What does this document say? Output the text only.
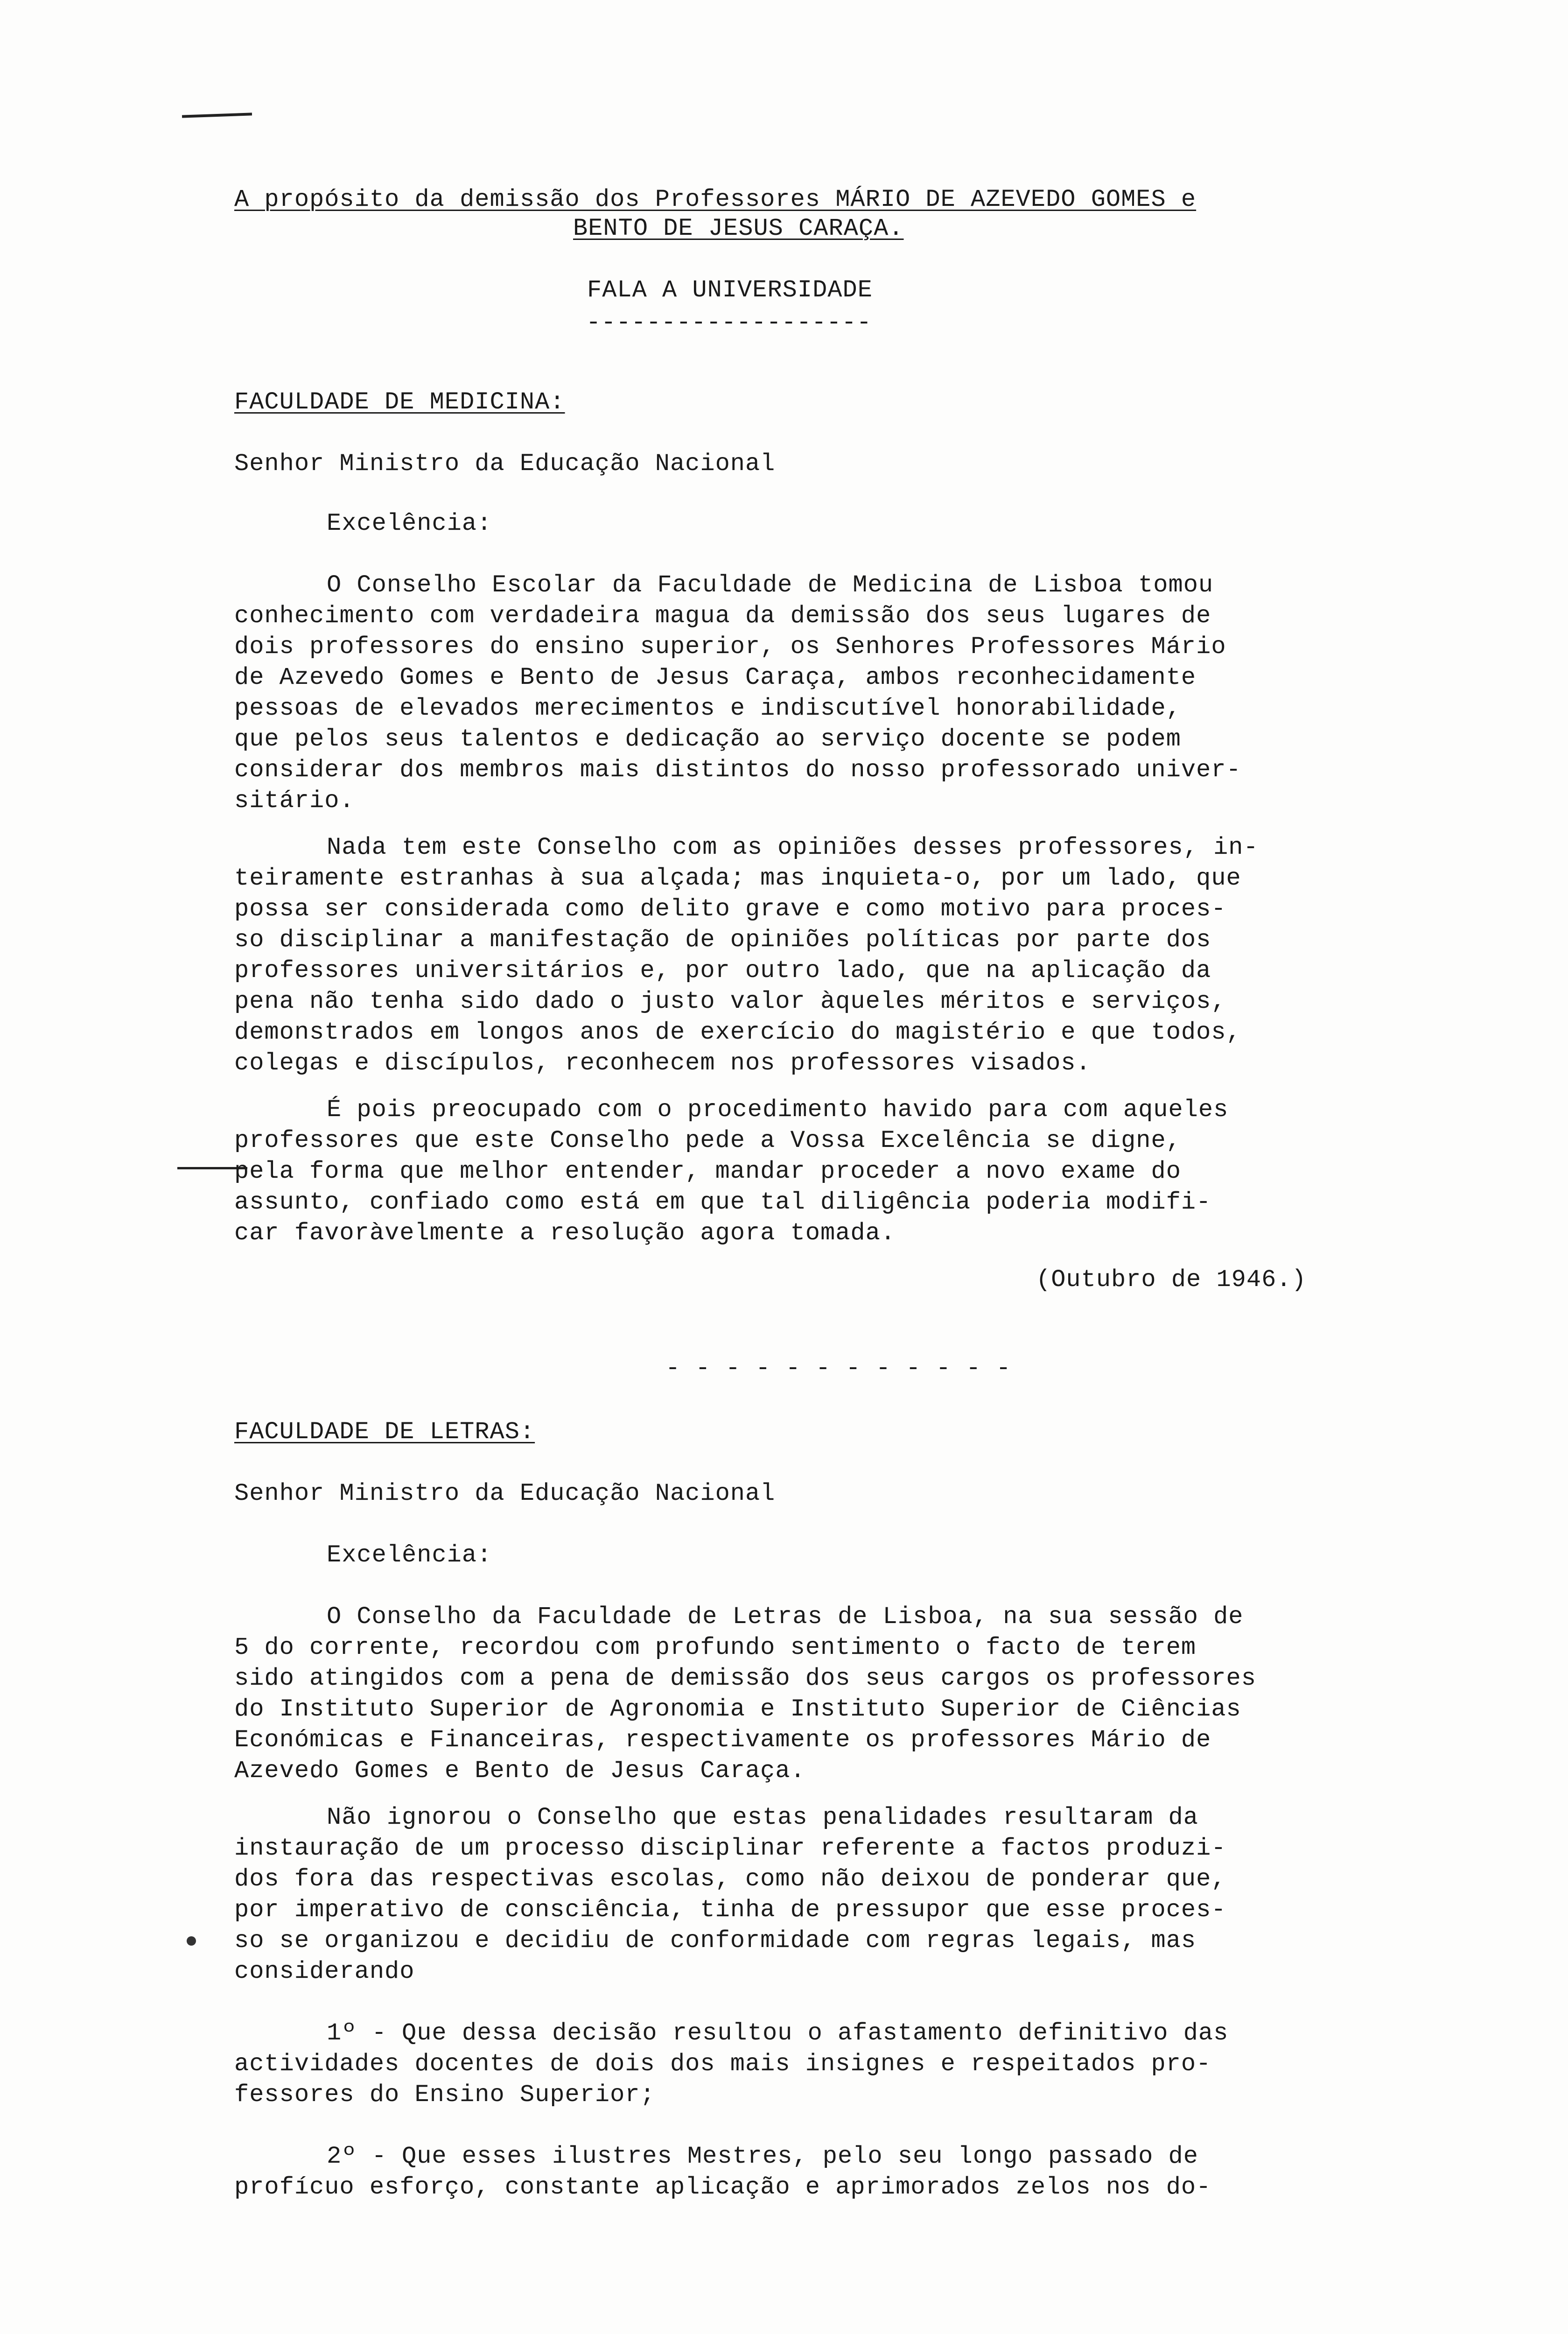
A propósito da demissão dos Professores MÁRIO DE AZEVEDO GOMES e
BENTO DE JESUS CARAÇA.
FALA A UNIVERSIDADE
-------------------
FACULDADE DE MEDICINA:
Senhor Ministro da Educação Nacional
Excelência:
O Conselho Escolar da Faculdade de Medicina de Lisboa tomou
conhecimento com verdadeira magua da demissão dos seus lugares de
dois professores do ensino superior, os Senhores Professores Mário
de Azevedo Gomes e Bento de Jesus Caraça, ambos reconhecidamente
pessoas de elevados merecimentos e indiscutível honorabilidade,
que pelos seus talentos e dedicação ao serviço docente se podem
considerar dos membros mais distintos do nosso professorado univer-
sitário.
Nada tem este Conselho com as opiniões desses professores, in-
teiramente estranhas à sua alçada; mas inquieta-o, por um lado, que
possa ser considerada como delito grave e como motivo para proces-
so disciplinar a manifestação de opiniões políticas por parte dos
professores universitários e, por outro lado, que na aplicação da
pena não tenha sido dado o justo valor àqueles méritos e serviços,
demonstrados em longos anos de exercício do magistério e que todos,
colegas e discípulos, reconhecem nos professores visados.
É pois preocupado com o procedimento havido para com aqueles
professores que este Conselho pede a Vossa Excelência se digne,
pela forma que melhor entender, mandar proceder a novo exame do
assunto, confiado como está em que tal diligência poderia modifi-
car favoràvelmente a resolução agora tomada.
(Outubro de 1946.)
- - - - - - - - - - - -
FACULDADE DE LETRAS:
Senhor Ministro da Educação Nacional
Excelência:
O Conselho da Faculdade de Letras de Lisboa, na sua sessão de
5 do corrente, recordou com profundo sentimento o facto de terem
sido atingidos com a pena de demissão dos seus cargos os professores
do Instituto Superior de Agronomia e Instituto Superior de Ciências
Económicas e Financeiras, respectivamente os professores Mário de
Azevedo Gomes e Bento de Jesus Caraça.
Não ignorou o Conselho que estas penalidades resultaram da
instauração de um processo disciplinar referente a factos produzi-
dos fora das respectivas escolas, como não deixou de ponderar que,
por imperativo de consciência, tinha de pressupor que esse proces-
so se organizou e decidiu de conformidade com regras legais, mas
considerando
1º - Que dessa decisão resultou o afastamento definitivo das
actividades docentes de dois dos mais insignes e respeitados pro-
fessores do Ensino Superior;
2º - Que esses ilustres Mestres, pelo seu longo passado de
profícuo esforço, constante aplicação e aprimorados zelos nos do-
